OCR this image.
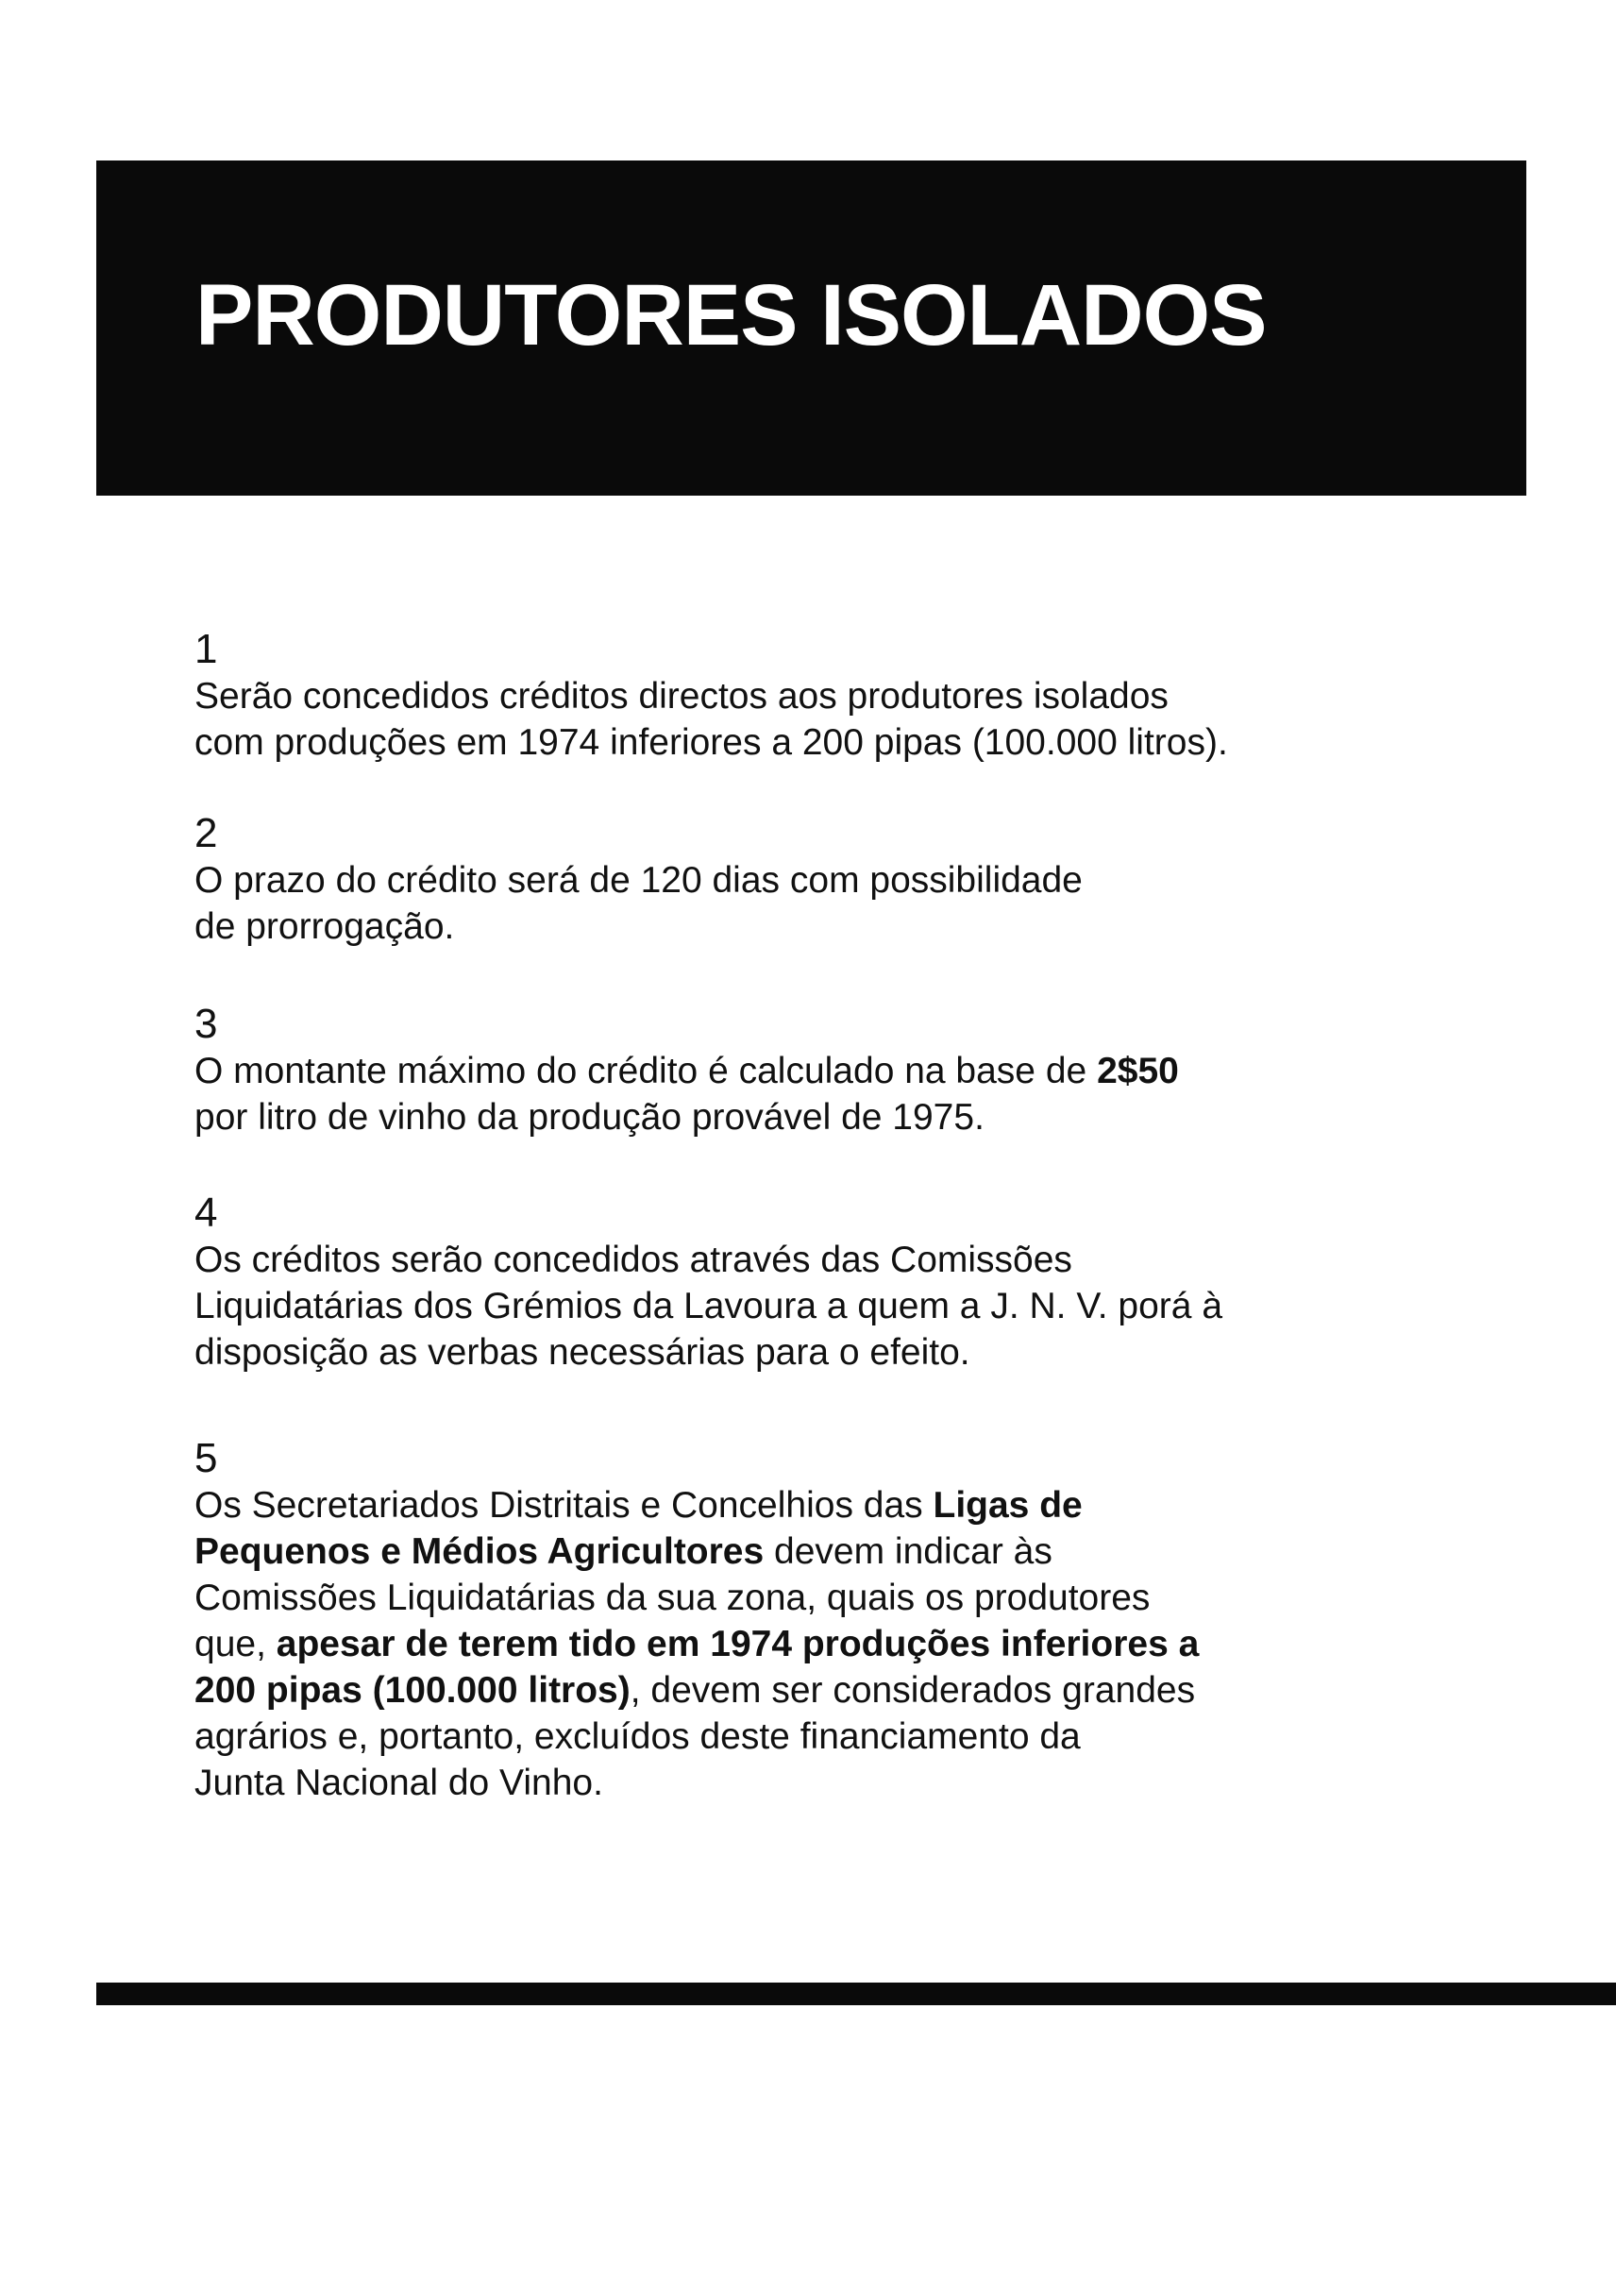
PRODUTORES ISOLADOS
1
Serão concedidos créditos directos aos produtores isolados
com produções em 1974 inferiores a 200 pipas (100.000 litros).
2
O prazo do crédito será de 120 dias com possibilidade
de prorrogação.
3
O montante máximo do crédito é calculado na base de 2$50
por litro de vinho da produção provável de 1975.
4
Os créditos serão concedidos através das Comissões
Liquidatárias dos Grémios da Lavoura a quem a J. N. V. porá à
disposição as verbas necessárias para o efeito.
5
Os Secretariados Distritais e Concelhios das Ligas de
Pequenos e Médios Agricultores devem indicar às
Comissões Liquidatárias da sua zona, quais os produtores
que, apesar de terem tido em 1974 produções inferiores a
200 pipas (100.000 litros), devem ser considerados grandes
agrários e, portanto, excluídos deste financiamento da
Junta Nacional do Vinho.
